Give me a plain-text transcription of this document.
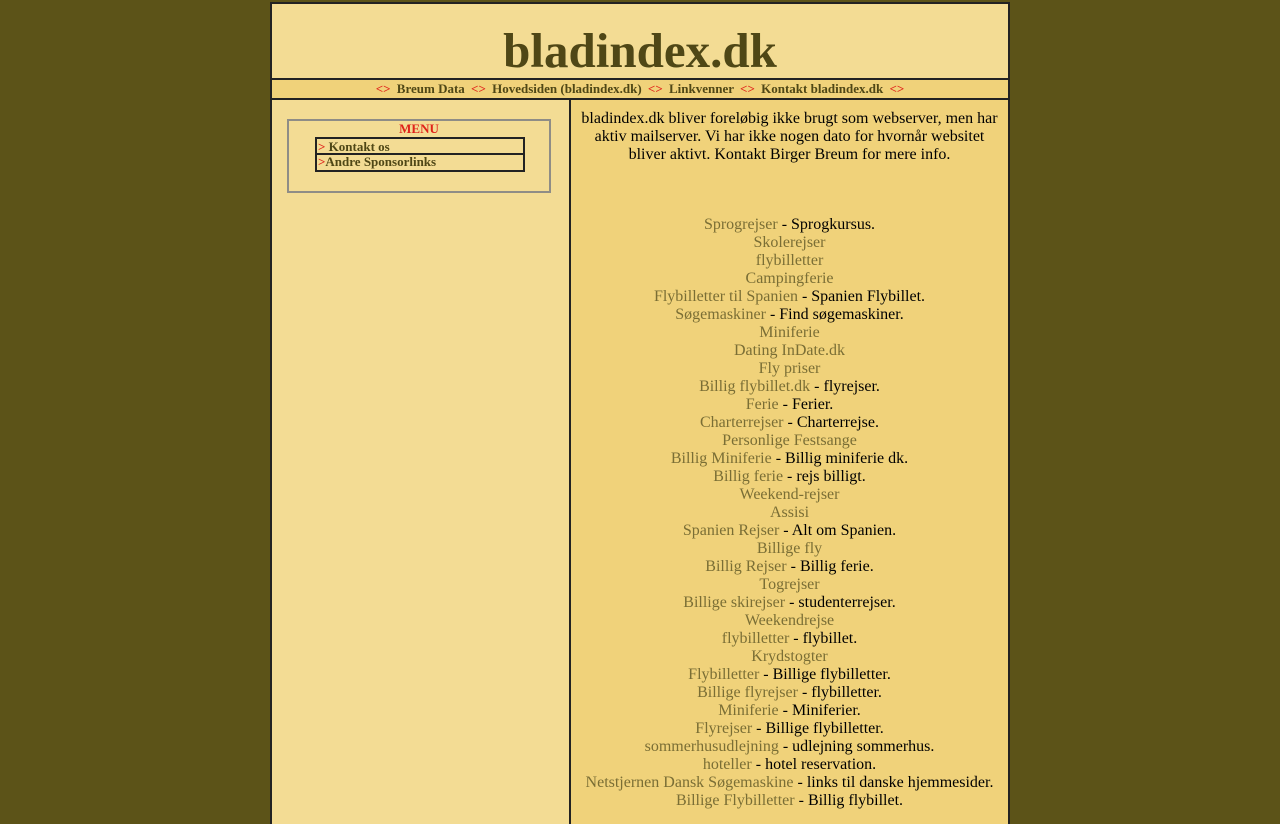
bladindex.dk
<> Breum Data <> Hovedsiden (bladindex.dk) <> Linkvenner <> Kontakt bladindex.dk <>
MENU
> Kontakt os
>Andre Sponsorlinks
bladindex.dk bliver foreløbig ikke brugt som webserver, men har aktiv mailserver. Vi har ikke nogen dato for hvornår websitet bliver aktivt. Kontakt Birger Breum for mere info.
Sprogrejser - Sprogkursus.
Skolerejser
flybilletter
Campingferie
Flybilletter til Spanien - Spanien Flybillet.
Søgemaskiner - Find søgemaskiner.
Miniferie
Dating InDate.dk
Fly priser
Billig flybillet.dk - flyrejser.
Ferie - Ferier.
Charterrejser - Charterrejse.
Personlige Festsange
Billig Miniferie - Billig miniferie dk.
Billig ferie - rejs billigt.
Weekend-rejser
Assisi
Spanien Rejser - Alt om Spanien.
Billige fly
Billig Rejser - Billig ferie.
Togrejser
Billige skirejser - studenterrejser.
Weekendrejse
flybilletter - flybillet.
Krydstogter
Flybilletter - Billige flybilletter.
Billige flyrejser - flybilletter.
Miniferie - Miniferier.
Flyrejser - Billige flybilletter.
sommerhusudlejning - udlejning sommerhus.
hoteller - hotel reservation.
Netstjernen Dansk Søgemaskine - links til danske hjemmesider.
Billige Flybilletter - Billig flybillet.
